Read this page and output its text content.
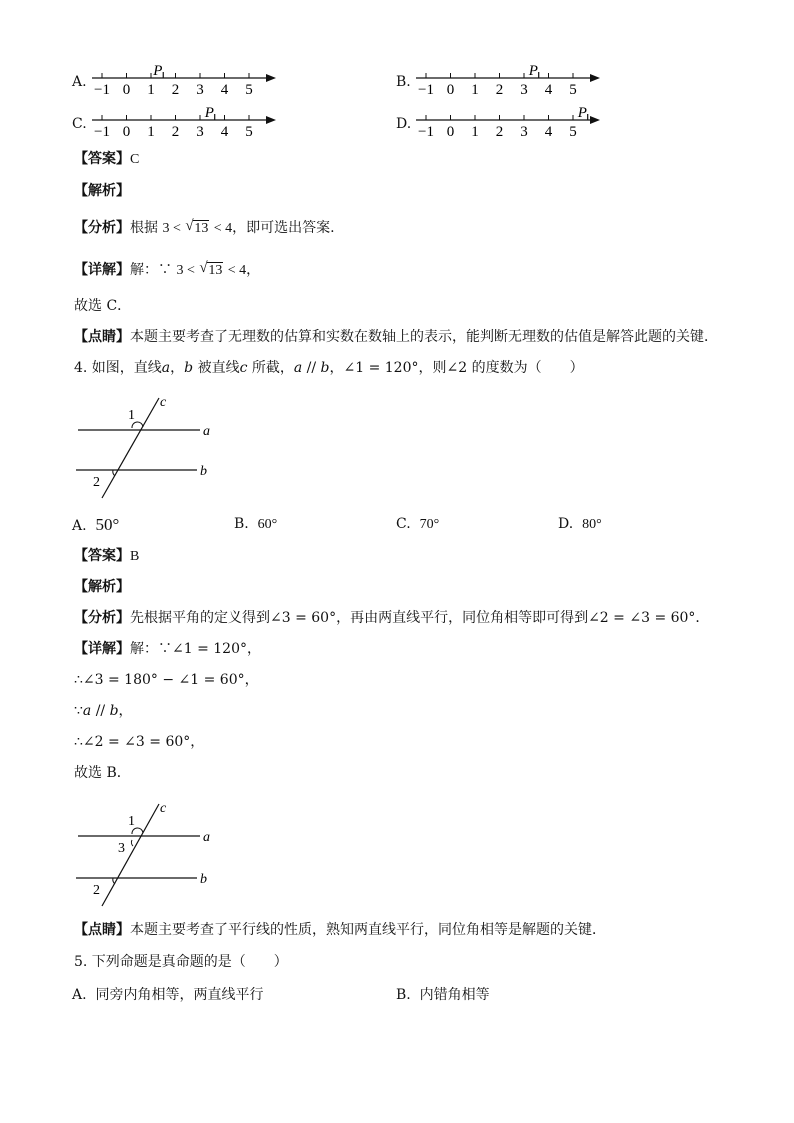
A.	B.
C.	D.
−1 0 1 2 3 4 5
P
−1 0 1 2 3 4 5
P
−1 0 1 2 3 4 5
P
−1 0 1 2 3 4 5
P
【答案】C
【解析】
【分析】根据 3 < √ 13 < 4，即可选出答案.
【详解】解：∵ 3 < √ 13 < 4，
故选 C．
【点睛】本题主要考查了无理数的估算和实数在数轴上的表示，能判断无理数的估值是解答此题的关键．
4. 如图，直线𝑎，𝑏 被直线𝑐 所截，𝑎 // 𝑏，∠1 = 120°，则∠2 的度数为（　　）
1
c
a
b
2
A. 50°	B. 60°	C. 70°	D. 80°
【答案】B
【解析】
【分析】先根据平角的定义得到∠3 = 60°，再由两直线平行，同位角相等即可得到∠2 = ∠3 = 60°．
【详解】解：∵∠1 = 120°，
∴∠3 = 180° − ∠1 = 60°，
∵𝑎 // 𝑏，
∴∠2 = ∠3 = 60°，
故选 B．
1
3
c
a
b
2
【点睛】本题主要考查了平行线的性质，熟知两直线平行，同位角相等是解题的关键．
5. 下列命题是真命题的是（　　）
A. 同旁内角相等，两直线平行	B. 内错角相等
